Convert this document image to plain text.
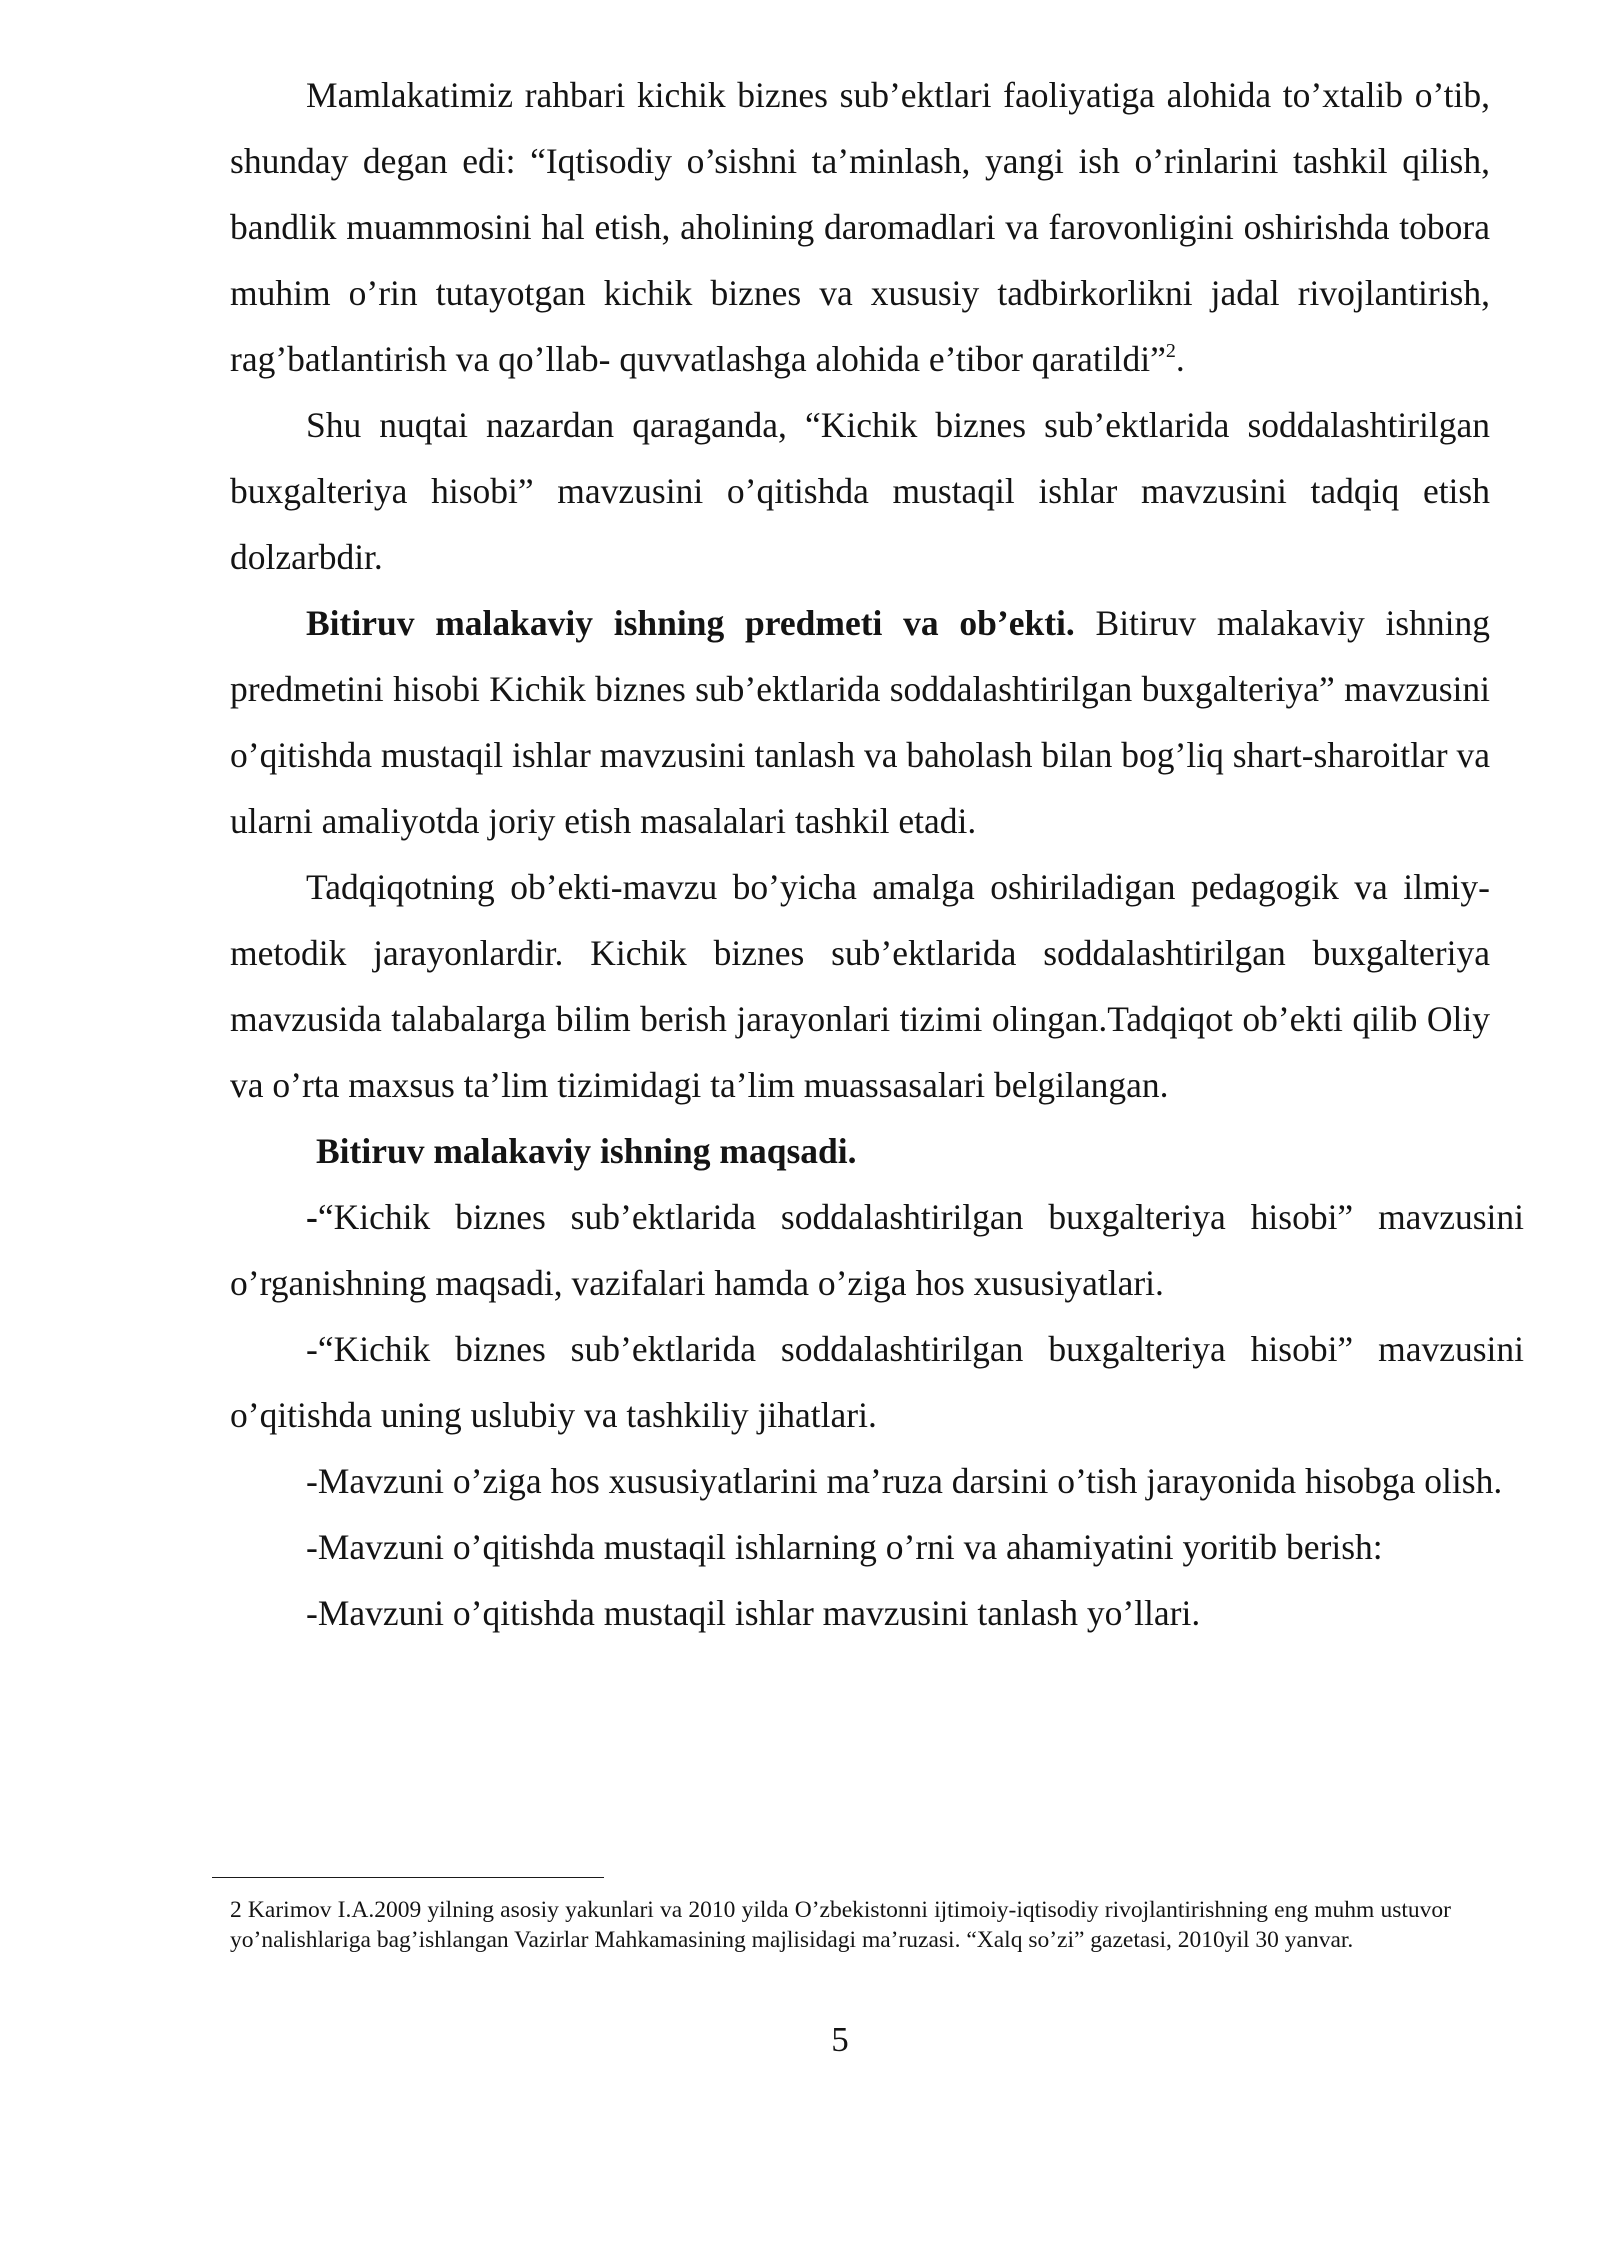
Mamlakatimiz rahbari kichik biznes sub’ektlari faoliyatiga alohida to’xtalib o’tib, shunday degan edi: “Iqtisodiy o’sishni ta’minlash, yangi ish o’rinlarini tashkil qilish, bandlik muammosini hal etish, aholining daromadlari va farovonligini oshirishda tobora muhim o’rin tutayotgan kichik biznes va xususiy tadbirkorlikni jadal rivojlantirish, rag’batlantirish va qo’llab- quvvatlashga alohida e’tibor qaratildi”$^2$.

Shu nuqtai nazardan qaraganda, “Kichik biznes sub’ektlarida soddalashtirilgan buxgalteriya hisobi” mavzusini o’qitishda mustaqil ishlar mavzusini tadqiq etish dolzarbdir.

Bitiruv malakaviy ishning predmeti va ob’ekti. Bitiruv malakaviy ishning predmetini hisobi Kichik biznes sub’ektlarida soddalashtirilgan buxgalteriya” mavzusini o’qitishda mustaqil ishlar mavzusini tanlash va baholash bilan bog’liq shart-sharoitlar va ularni amaliyotda joriy etish masalalari tashkil etadi.

Tadqiqotning ob’ekti-mavzu bo’yicha amalga oshiriladigan pedagogik va ilmiy-metodik jarayonlardir. Kichik biznes sub’ektlarida soddalashtirilgan buxgalteriya mavzusida talabalarga bilim berish jarayonlari tizimi olingan.Tadqiqot ob’ekti qilib Oliy va o’rta maxsus ta’lim tizimidagi ta’lim muassasalari belgilangan.

Bitiruv malakaviy ishning maqsadi.

-“Kichik biznes sub’ektlarida soddalashtirilgan buxgalteriya hisobi” mavzusini o’rganishning maqsadi, vazifalari hamda o’ziga hos xususiyatlari.

-“Kichik biznes sub’ektlarida soddalashtirilgan buxgalteriya hisobi” mavzusini o’qitishda uning uslubiy va tashkiliy jihatlari.

-Mavzuni o’ziga hos xususiyatlarini ma’ruza darsini o’tish jarayonida hisobga olish.

-Mavzuni o’qitishda mustaqil ishlarning o’rni va ahamiyatini yoritib berish:

-Mavzuni o’qitishda mustaqil ishlar mavzusini tanlash yo’llari.

2 Karimov I.A.2009 yilning asosiy yakunlari va 2010 yilda O’zbekistonni ijtimoiy-iqtisodiy rivojlantirishning eng muhm ustuvor yo’nalishlariga bag’ishlangan Vazirlar Mahkamasining majlisidagi ma’ruzasi. “Xalq so’zi” gazetasi, 2010yil 30 yanvar.

5
